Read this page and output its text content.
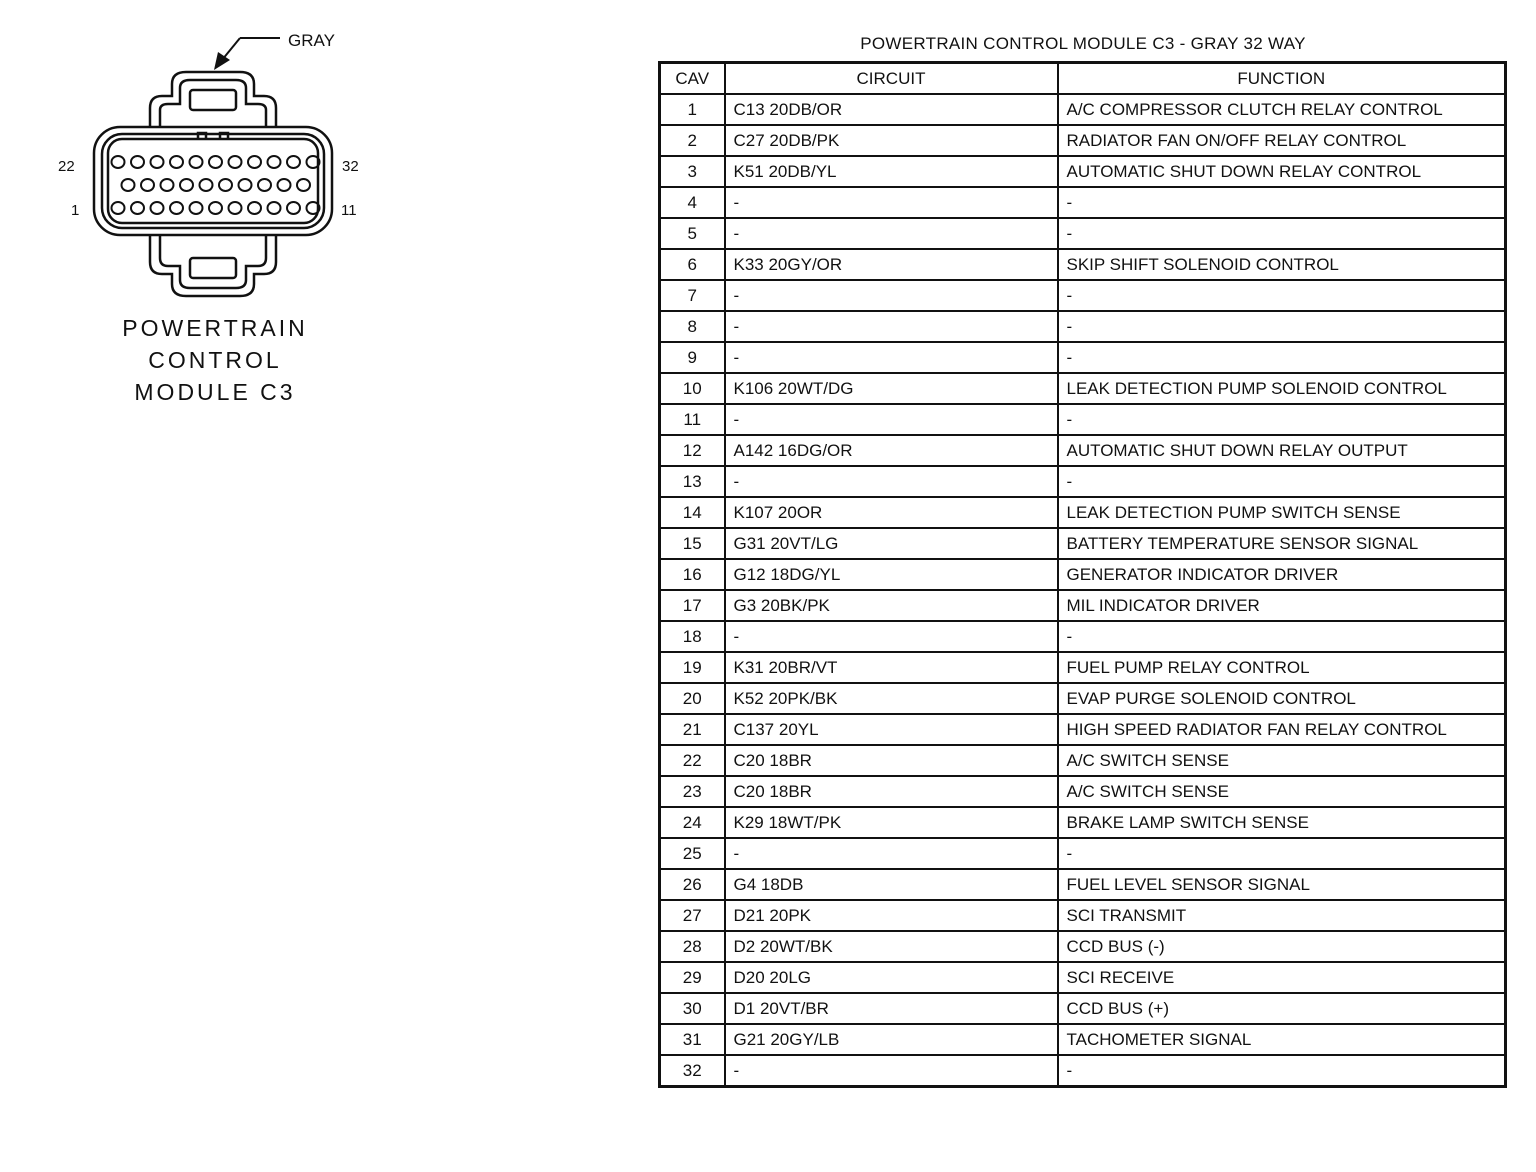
GRAY
22	32
1	11
POWERTRAIN
CONTROL
MODULE C3
POWERTRAIN CONTROL MODULE C3 - GRAY 32 WAY
CAV	CIRCUIT	FUNCTION
1	C13 20DB/OR	A/C COMPRESSOR CLUTCH RELAY CONTROL
2	C27 20DB/PK	RADIATOR FAN ON/OFF RELAY CONTROL
3	K51 20DB/YL	AUTOMATIC SHUT DOWN RELAY CONTROL
4	-	-
5	-	-
6	K33 20GY/OR	SKIP SHIFT SOLENOID CONTROL
7	-	-
8	-	-
9	-	-
10	K106 20WT/DG	LEAK DETECTION PUMP SOLENOID CONTROL
11	-	-
12	A142 16DG/OR	AUTOMATIC SHUT DOWN RELAY OUTPUT
13	-	-
14	K107 20OR	LEAK DETECTION PUMP SWITCH SENSE
15	G31 20VT/LG	BATTERY TEMPERATURE SENSOR SIGNAL
16	G12 18DG/YL	GENERATOR INDICATOR DRIVER
17	G3 20BK/PK	MIL INDICATOR DRIVER
18	-	-
19	K31 20BR/VT	FUEL PUMP RELAY CONTROL
20	K52 20PK/BK	EVAP PURGE SOLENOID CONTROL
21	C137 20YL	HIGH SPEED RADIATOR FAN RELAY CONTROL
22	C20 18BR	A/C SWITCH SENSE
23	C20 18BR	A/C SWITCH SENSE
24	K29 18WT/PK	BRAKE LAMP SWITCH SENSE
25	-	-
26	G4 18DB	FUEL LEVEL SENSOR SIGNAL
27	D21 20PK	SCI TRANSMIT
28	D2 20WT/BK	CCD BUS (-)
29	D20 20LG	SCI RECEIVE
30	D1 20VT/BR	CCD BUS (+)
31	G21 20GY/LB	TACHOMETER SIGNAL
32	-	-
